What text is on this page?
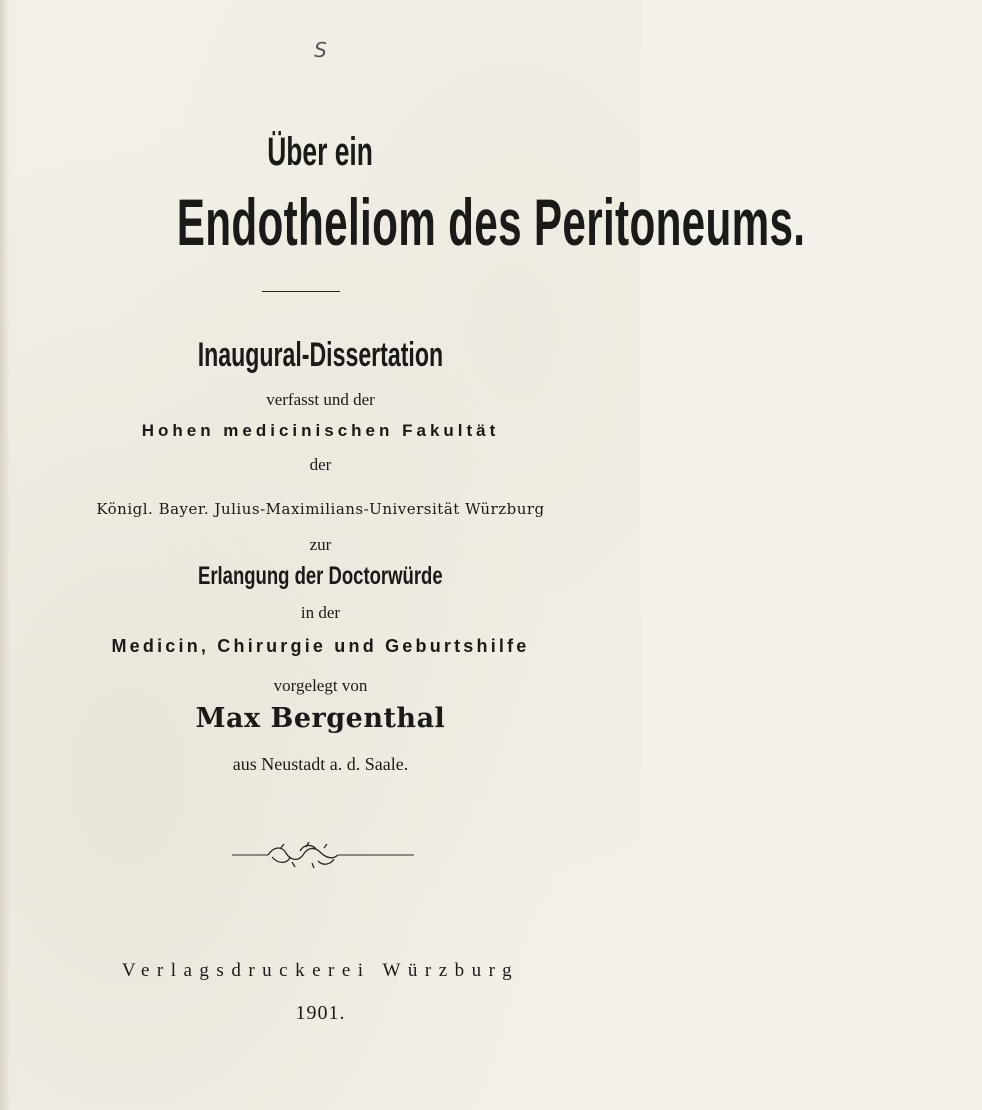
S
Über ein
Endotheliom des Peritoneums.
Inaugural-Dissertation
verfasst und der
Hohen medicinischen Fakultät
der
Königl. Bayer. Julius-Maximilians-Universität Würzburg
zur
Erlangung der Doctorwürde
in der
Medicin, Chirurgie und Geburtshilfe
vorgelegt von
Max Bergenthal
aus Neustadt a. d. Saale.
Verlagsdruckerei Würzburg
1901.
